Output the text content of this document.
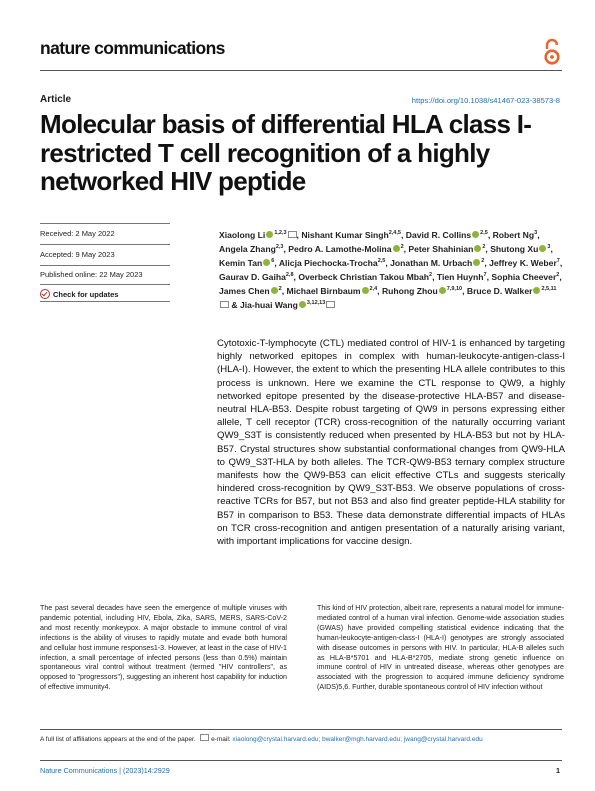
nature communications
Article	https://doi.org/10.1038/s41467-023-38573-8
Molecular basis of differential HLA class I-restricted T cell recognition of a highly networked HIV peptide
Received: 2 May 2022
Accepted: 9 May 2023
Published online: 22 May 2023
Check for updates
Xiaolong Li $^{1,2,3}$ , Nishant Kumar Singh$^{2,4,5}$, David R. Collins $^{2,5}$, Robert Ng$^3$, Angela Zhang$^{2,3}$, Pedro A. Lamothe-Molina $^2$, Peter Shahinian $^2$, Shutong Xu $^3$, Kemin Tan $^6$, Alicja Piechocka-Trocha$^{2,5}$, Jonathan M. Urbach $^2$, Jeffrey K. Weber$^7$, Gaurav D. Gaiha$^{2,8}$, Overbeck Christian Takou Mbah$^2$, Tien Huynh$^7$, Sophia Cheever$^2$, James Chen $^2$, Michael Birnbaum $^{2,4}$, Ruhong Zhou $^{7,9,10}$, Bruce D. Walker $^{2,5,11}$ & Jia-huai Wang $^{3,12,13}$
Cytotoxic-T-lymphocyte (CTL) mediated control of HIV-1 is enhanced by targeting highly networked epitopes in complex with human-leukocyte-antigen-class-I (HLA-I). However, the extent to which the presenting HLA allele contributes to this process is unknown. Here we examine the CTL response to QW9, a highly networked epitope presented by the disease-protective HLA-B57 and disease-neutral HLA-B53. Despite robust targeting of QW9 in persons expressing either allele, T cell receptor (TCR) cross-recognition of the naturally occurring variant QW9_S3T is consistently reduced when presented by HLA-B53 but not by HLA-B57. Crystal structures show substantial conformational changes from QW9-HLA to QW9_S3T-HLA by both alleles. The TCR-QW9-B53 ternary complex structure manifests how the QW9-B53 can elicit effective CTLs and suggests sterically hindered cross-recognition by QW9_S3T-B53. We observe populations of cross-reactive TCRs for B57, but not B53 and also find greater peptide-HLA stability for B57 in comparison to B53. These data demonstrate differential impacts of HLAs on TCR cross-recognition and antigen presentation of a naturally arising variant, with important implications for vaccine design.
The past several decades have seen the emergence of multiple viruses with pandemic potential, including HIV, Ebola, Zika, SARS, MERS, SARS-CoV-2 and most recently monkeypox. A major obstacle to immune control of viral infections is the ability of viruses to rapidly mutate and evade both humoral and cellular host immune responses1-3. However, at least in the case of HIV-1 infection, a small percentage of infected persons (less than 0.5%) maintain spontaneous viral control without treatment (termed "HIV controllers", as opposed to "progressors"), suggesting an inherent host capability for induction of effective immunity4.
This kind of HIV protection, albeit rare, represents a natural model for immune-mediated control of a human viral infection. Genome-wide association studies (GWAS) have provided compelling statistical evidence indicating that the human-leukocyte-antigen-class-I (HLA-I) genotypes are strongly associated with disease outcomes in persons with HIV. In particular, HLA-B alleles such as HLA-B*5701 and HLA-B*2705, mediate strong genetic influence on immune control of HIV in untreated disease, whereas other genotypes are associated with the progression to acquired immune deficiency syndrome (AIDS)5,6. Further, durable spontaneous control of HIV infection without
A full list of affiliations appears at the end of the paper. e-mail: xiaolong@crystal.harvard.edu; bwalker@mgh.harvard.edu; jwang@crystal.harvard.edu
Nature Communications | (2023)14:2929	1
